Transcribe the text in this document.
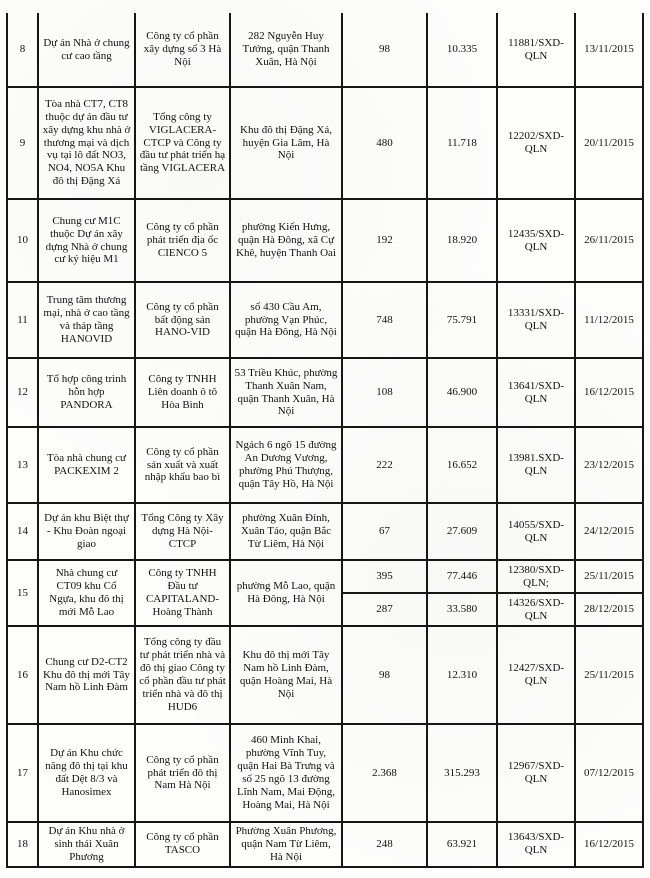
8	Dự án Nhà ở chung cư cao tầng	Công ty cổ phần xây dựng số 3 Hà Nội	282 Nguyễn Huy Tưởng, quận Thanh Xuân, Hà Nội	98	10.335	11881/SXD-QLN	13/11/2015
9	Tòa nhà CT7, CT8 thuộc dự án đầu tư xây dựng khu nhà ở thương mại và dịch vụ tại lô đất NO3, NO4, NO5A Khu đô thị Đặng Xá	Tổng công ty VIGLACERA-CTCP và Công ty đầu tư phát triển hạ tầng VIGLACERA	Khu đô thị Đặng Xá, huyện Gia Lâm, Hà Nội	480	11.718	12202/SXD-QLN	20/11/2015
10	Chung cư M1C thuộc Dự án xây dựng Nhà ở chung cư ký hiệu M1	Công ty cổ phần phát triển địa ốc CIENCO 5	phường Kiến Hưng, quận Hà Đông, xã Cự Khê, huyện Thanh Oai	192	18.920	12435/SXD-QLN	26/11/2015
11	Trung tâm thương mại, nhà ở cao tầng và tháp tầng HANOVID	Công ty cổ phần bất động sản HANO-VID	số 430 Cầu Am, phường Vạn Phúc, quận Hà Đông, Hà Nội	748	75.791	13331/SXD-QLN	11/12/2015
12	Tổ hợp công trình hỗn hợp PANDORA	Công ty TNHH Liên doanh ô tô Hòa Bình	53 Triều Khúc, phường Thanh Xuân Nam, quận Thanh Xuân, Hà Nội	108	46.900	13641/SXD-QLN	16/12/2015
13	Tòa nhà chung cư PACKEXIM 2	Công ty cổ phần sản xuất và xuất nhập khẩu bao bì	Ngách 6 ngõ 15 đường An Dương Vương, phường Phú Thượng, quận Tây Hồ, Hà Nội	222	16.652	13981.SXD-QLN	23/12/2015
14	Dự án khu Biệt thự - Khu Đoàn ngoại giao	Tổng Công ty Xây dựng Hà Nội-CTCP	phường Xuân Đỉnh, Xuân Tảo, quận Bắc Từ Liêm, Hà Nội	67	27.609	14055/SXD-QLN	24/12/2015
15	Nhà chung cư CT09 khu Cổ Ngựa, khu đô thị mới Mỗ Lao	Công ty TNHH Đầu tư CAPITALAND-Hoàng Thành	phường Mỗ Lao, quận Hà Đông, Hà Nội	395	77.446	12380/SXD-QLN;	25/11/2015
				287	33.580	14326/SXD-QLN	28/12/2015
16	Chung cư D2-CT2 Khu đô thị mới Tây Nam hồ Linh Đàm	Tổng công ty đầu tư phát triển nhà và đô thị giao Công ty cổ phần đầu tư phát triển nhà và đô thị HUD6	Khu đô thị mới Tây Nam hồ Linh Đàm, quận Hoàng Mai, Hà Nội	98	12.310	12427/SXD-QLN	25/11/2015
17	Dự án Khu chức năng đô thị tại khu đất Dệt 8/3 và Hanosimex	Công ty cổ phần phát triển đô thị Nam Hà Nội	460 Minh Khai, phường Vĩnh Tuy, quận Hai Bà Trưng và số 25 ngõ 13 đường Lĩnh Nam, Mai Động, Hoàng Mai, Hà Nội	2.368	315.293	12967/SXD-QLN	07/12/2015
18	Dự án Khu nhà ở sinh thái Xuân Phương	Công ty cổ phần TASCO	Phường Xuân Phương, quận Nam Từ Liêm, Hà Nội	248	63.921	13643/SXD-QLN	16/12/2015
